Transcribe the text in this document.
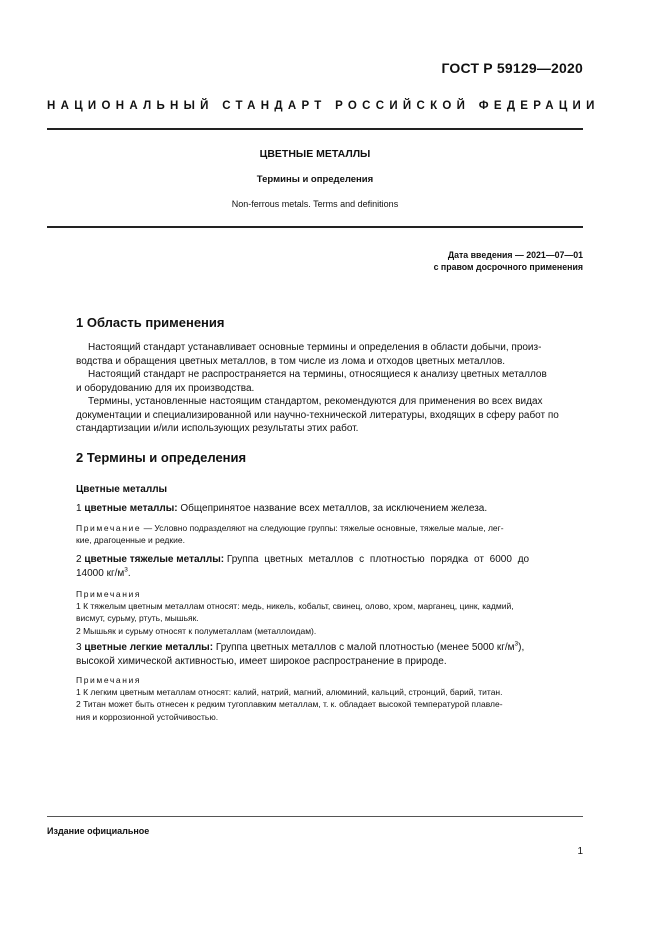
ГОСТ Р 59129—2020
НАЦИОНАЛЬНЫЙ СТАНДАРТ РОССИЙСКОЙ ФЕДЕРАЦИИ
ЦВЕТНЫЕ МЕТАЛЛЫ
Термины и определения
Non-ferrous metals. Terms and definitions
Дата введения — 2021—07—01
с правом досрочного применения
1 Область применения
Настоящий стандарт устанавливает основные термины и определения в области добычи, произ-
водства и обращения цветных металлов, в том числе из лома и отходов цветных металлов.
Настоящий стандарт не распространяется на термины, относящиеся к анализу цветных металлов
и оборудованию для их производства.
Термины, установленные настоящим стандартом, рекомендуются для применения во всех видах
документации и специализированной или научно-технической литературы, входящих в сферу работ по
стандартизации и/или использующих результаты этих работ.
2 Термины и определения
Цветные металлы
1 цветные металлы: Общепринятое название всех металлов, за исключением железа.
Примечание — Условно подразделяют на следующие группы: тяжелые основные, тяжелые малые, лег-
кие, драгоценные и редкие.
2 цветные тяжелые металлы: Группа цветных металлов с плотностью порядка от 6000 до
14000 $кг/м^3$.
Примечания
1 К тяжелым цветным металлам относят: медь, никель, кобальт, свинец, олово, хром, марганец, цинк, кадмий,
висмут, сурьму, ртуть, мышьяк.
2 Мышьяк и сурьму относят к полуметаллам (металлоидам).
3 цветные легкие металлы: Группа цветных металлов с малой плотностью (менее 5000 $кг/м^3$),
высокой химической активностью, имеет широкое распространение в природе.
Примечания
1 К легким цветным металлам относят: калий, натрий, магний, алюминий, кальций, стронций, барий, титан.
2 Титан может быть отнесен к редким тугоплавким металлам, т. к. обладает высокой температурой плавле-
ния и коррозионной устойчивостью.
Издание официальное
1
